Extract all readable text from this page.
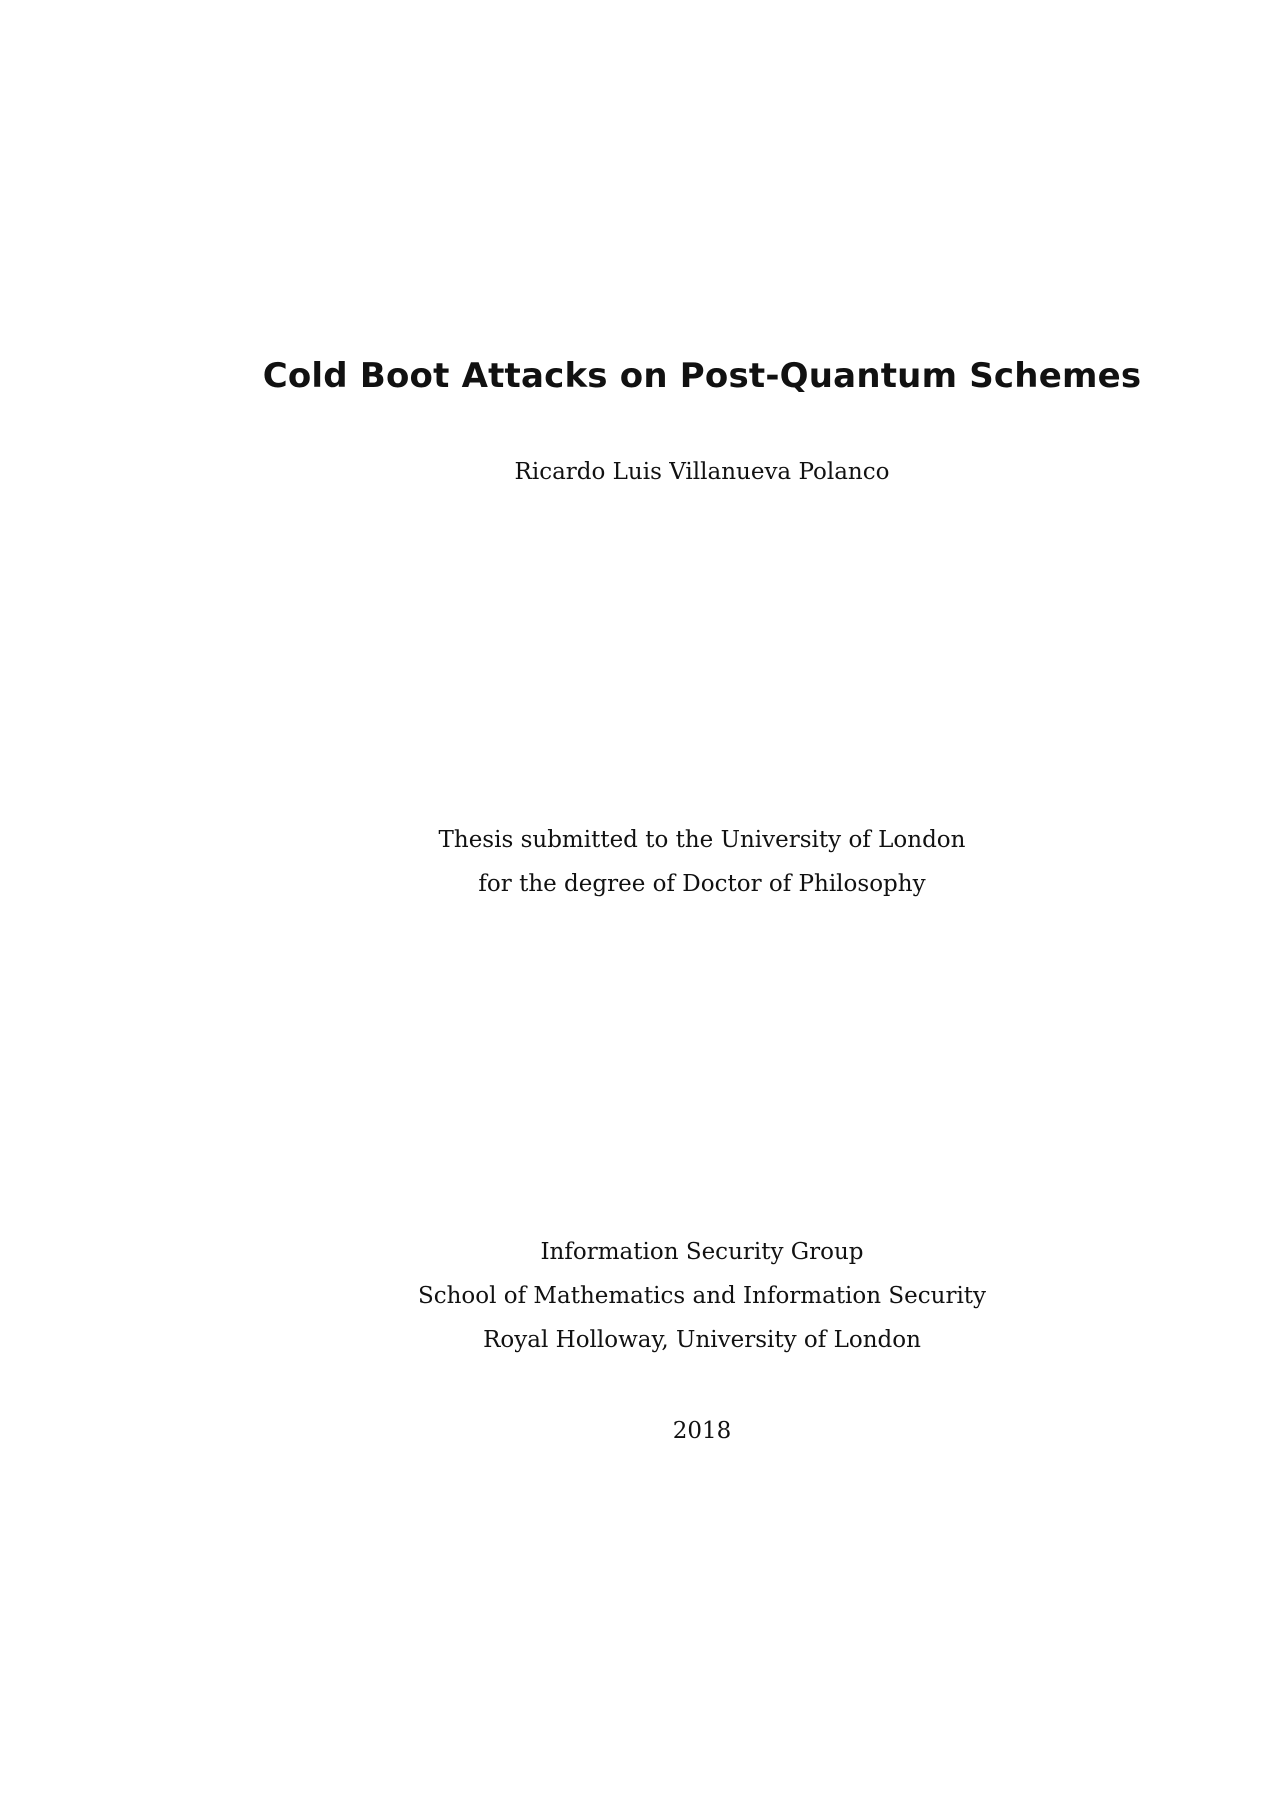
Cold Boot Attacks on Post-Quantum Schemes

Ricardo Luis Villanueva Polanco

Thesis submitted to the University of London

for the degree of Doctor of Philosophy

Information Security Group

School of Mathematics and Information Security

Royal Holloway, University of London

2018
